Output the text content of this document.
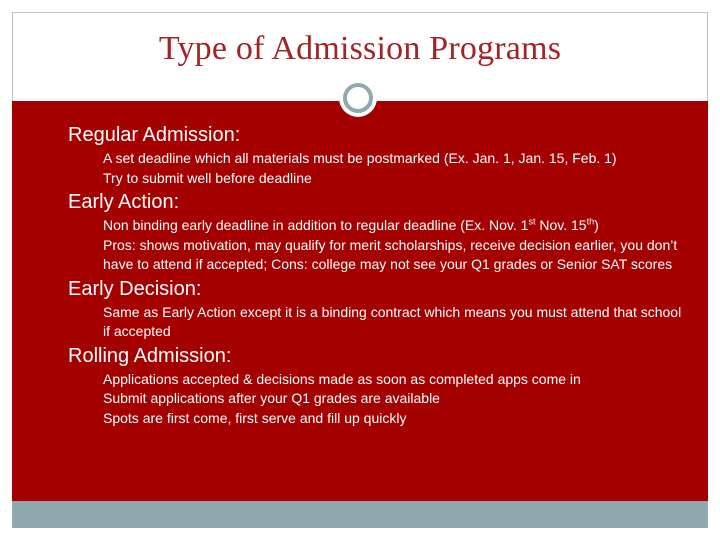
Type of Admission Programs
Regular Admission:
A set deadline which all materials must be postmarked (Ex. Jan. 1, Jan. 15, Feb. 1)
Try to submit well before deadline
Early Action:
Non binding early deadline in addition to regular deadline (Ex. Nov. 1st Nov. 15th)
Pros: shows motivation, may qualify for merit scholarships, receive decision earlier, you don’t have to attend if accepted; Cons: college may not see your Q1 grades or Senior SAT scores
Early Decision:
Same as Early Action except it is a binding contract which means you must attend that school if accepted
Rolling Admission:
Applications accepted & decisions made as soon as completed apps come in
Submit applications after your Q1 grades are available
Spots are first come, first serve and fill up quickly
